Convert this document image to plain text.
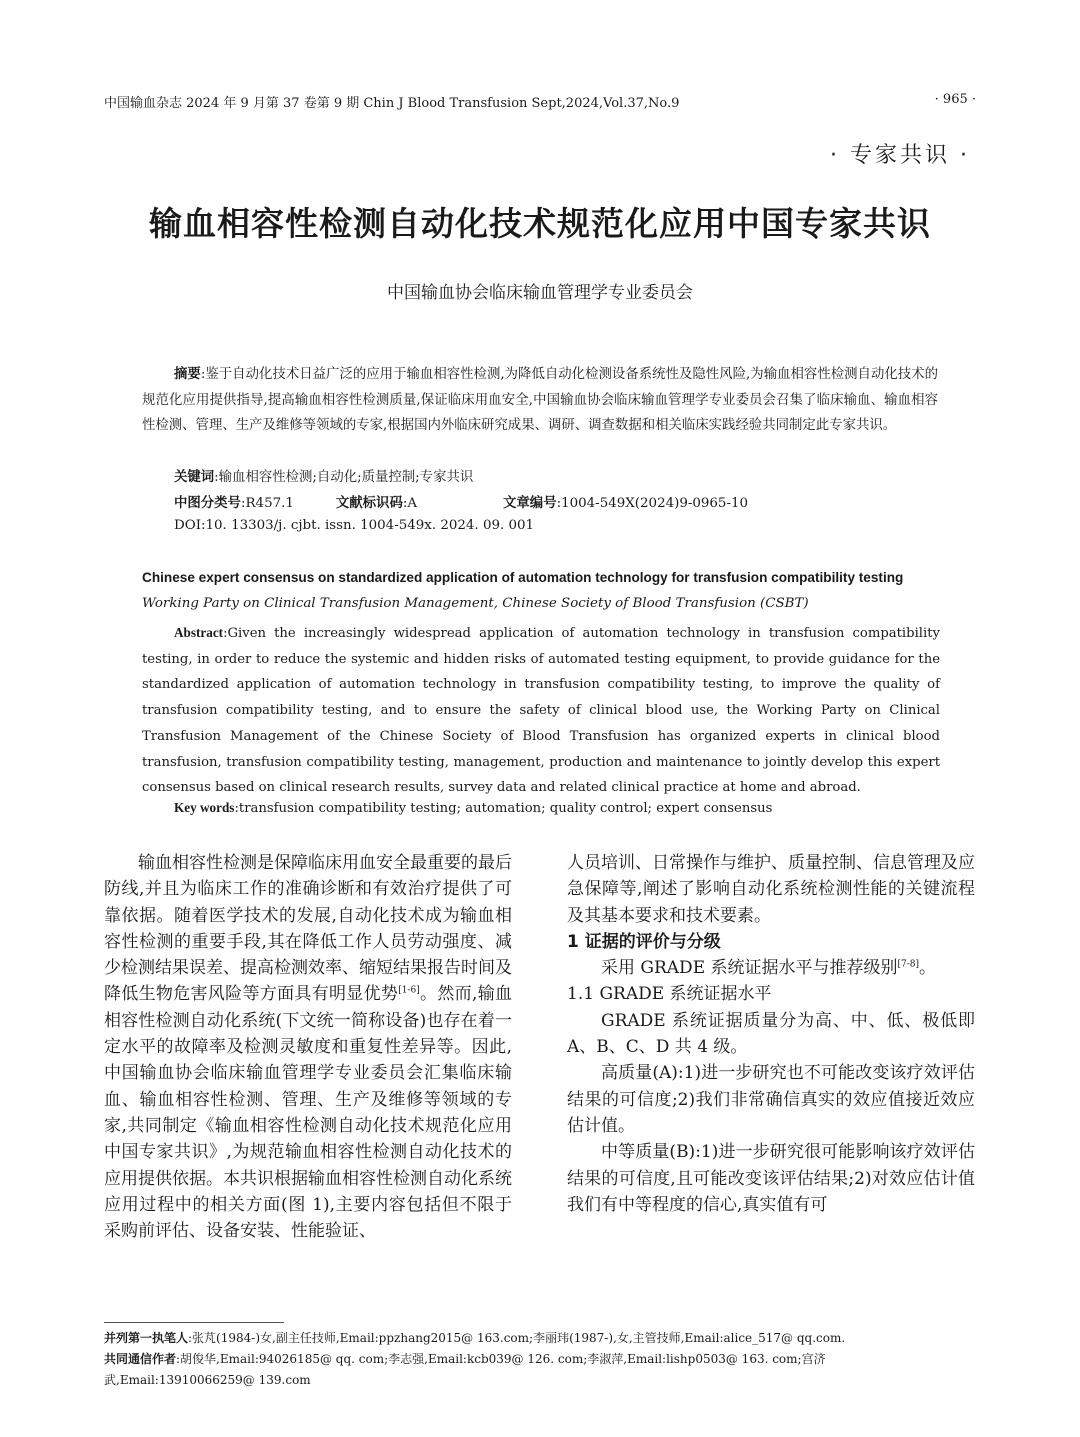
中国输血杂志 2024 年 9 月第 37 卷第 9 期 Chin J Blood Transfusion Sept,2024,Vol.37,No.9	· 965 ·
· 专家共识 ·
输血相容性检测自动化技术规范化应用中国专家共识
中国输血协会临床输血管理学专业委员会
摘要:鉴于自动化技术日益广泛的应用于输血相容性检测,为降低自动化检测设备系统性及隐性风险,为输血相容性检测自动化技术的规范化应用提供指导,提高输血相容性检测质量,保证临床用血安全,中国输血协会临床输血管理学专业委员会召集了临床输血、输血相容性检测、管理、生产及维修等领域的专家,根据国内外临床研究成果、调研、调查数据和相关临床实践经验共同制定此专家共识。
关键词:输血相容性检测;自动化;质量控制;专家共识
中图分类号:R457.1	文献标识码:A	文章编号:1004-549X(2024)9-0965-10
DOI:10. 13303/j. cjbt. issn. 1004-549x. 2024. 09. 001
Chinese expert consensus on standardized application of automation technology for transfusion compatibility testing
Working Party on Clinical Transfusion Management, Chinese Society of Blood Transfusion (CSBT)
Abstract:Given the increasingly widespread application of automation technology in transfusion compatibility testing, in order to reduce the systemic and hidden risks of automated testing equipment, to provide guidance for the standardized application of automation technology in transfusion compatibility testing, to improve the quality of transfusion compatibility testing, and to ensure the safety of clinical blood use, the Working Party on Clinical Transfusion Management of the Chinese Society of Blood Transfusion has organized experts in clinical blood transfusion, transfusion compatibility testing, management, production and maintenance to jointly develop this expert consensus based on clinical research results, survey data and related clinical practice at home and abroad.
Key words:transfusion compatibility testing; automation; quality control; expert consensus

输血相容性检测是保障临床用血安全最重要的最后防线,并且为临床工作的准确诊断和有效治疗提供了可靠依据。随着医学技术的发展,自动化技术成为输血相容性检测的重要手段,其在降低工作人员劳动强度、减少检测结果误差、提高检测效率、缩短结果报告时间及降低生物危害风险等方面具有明显优势[1-6]。然而,输血相容性检测自动化系统(下文统一简称设备)也存在着一定水平的故障率及检测灵敏度和重复性差异等。因此,中国输血协会临床输血管理学专业委员会汇集临床输血、输血相容性检测、管理、生产及维修等领域的专家,共同制定《输血相容性检测自动化技术规范化应用中国专家共识》,为规范输血相容性检测自动化技术的应用提供依据。本共识根据输血相容性检测自动化系统应用过程中的相关方面(图 1),主要内容包括但不限于采购前评估、设备安装、性能验证、

人员培训、日常操作与维护、质量控制、信息管理及应急保障等,阐述了影响自动化系统检测性能的关键流程及其基本要求和技术要素。

1 证据的评价与分级

采用 GRADE 系统证据水平与推荐级别[7-8]。

1.1 GRADE 系统证据水平

GRADE 系统证据质量分为高、中、低、极低即 A、B、C、D 共 4 级。

高质量(A):1)进一步研究也不可能改变该疗效评估结果的可信度;2)我们非常确信真实的效应值接近效应估计值。

中等质量(B):1)进一步研究很可能影响该疗效评估结果的可信度,且可能改变该评估结果;2)对效应估计值我们有中等程度的信心,真实值有可

并列第一执笔人:张芃(1984-)女,副主任技师,Email:ppzhang2015@ 163.com;李丽玮(1987-),女,主管技师,Email:alice_517@ qq.com.

共同通信作者:胡俊华,Email:94026185@ qq. com;李志强,Email:kcb039@ 126. com;李淑萍,Email:lishp0503@ 163. com;宫济武,Email:13910066259@ 139.com
